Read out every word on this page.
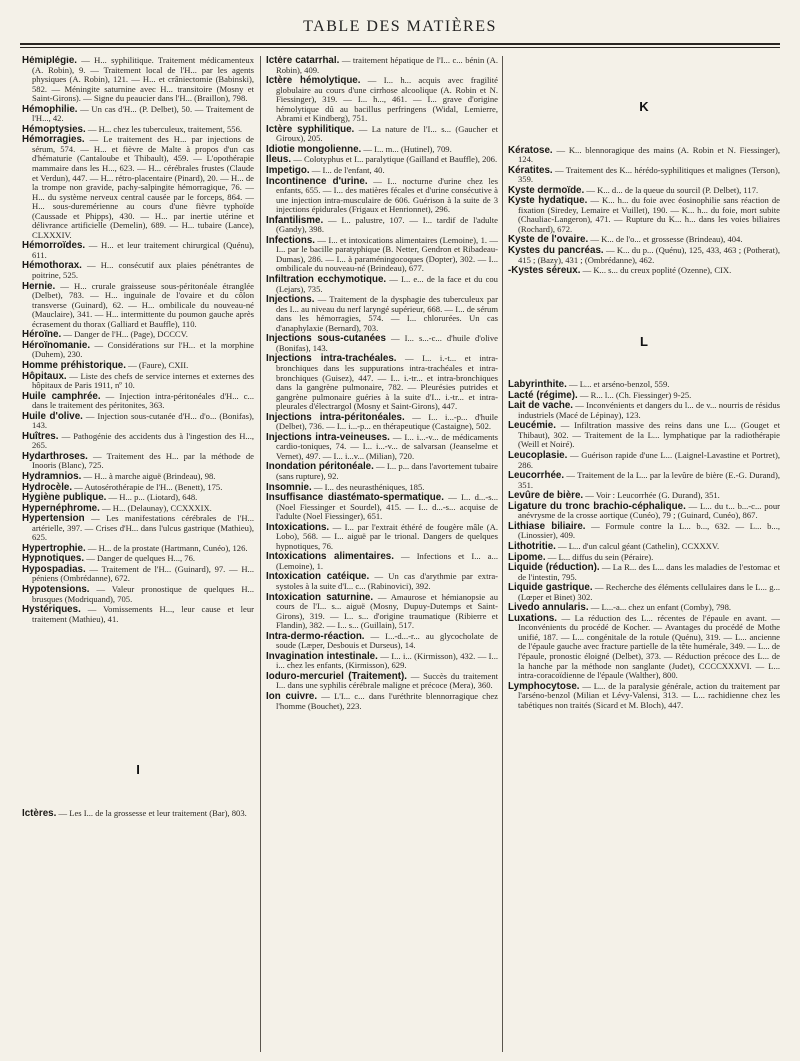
TABLE DES MATIÈRES
Hémiplégie. — H... syphilitique. Traitement médicamenteux (A. Robin), 9. — Traitement local de l'H... par les agents physiques (A. Robin), 121. — H... et crâniectomie (Babinski), 582. — Méningite saturnine avec H... transitoire (Mosny et Saint-Girons). — Signe du peaucier dans l'H... (Braillon), 798.
Hémophilie. — Un cas d'H... (P. Delbet), 50. — Traitement de l'H..., 42.
Hémoptysies. — H... chez les tuberculeux, traitement, 556.
Hémorragies. — Le traitement des H... par injections de sérum, 574. — H... et fièvre de Malte à propos d'un cas d'hématurie (Cantaloube et Thibault), 459. — L'opothérapie mammaire dans les H..., 623. — H... cérébrales frustes (Claude et Verdun), 447. — H... rétro-placentaire (Pinard), 20. — H... de la trompe non gravide, pachy-salpingite hémorragique, 76. — H... du système nerveux central causée par le forceps, 864. — H... sous-duremérienne au cours d'une fièvre typhoïde (Caussade et Phipps), 430. — H... par inertie utérine et délivrance artificielle (Demelin), 689. — H... tubaire (Lance), CLXXXIV.
Hémorroïdes. — H... et leur traitement chirurgical (Quénu), 611.
Hémothorax. — H... consécutif aux plaies pénétrantes de poitrine, 525.
Hernie. — H... crurale graisseuse sous-péritonéale étranglée (Delbet), 783. — H... inguinale de l'ovaire et du côlon transverse (Guinard), 62. — H... ombilicale du nouveau-né (Mauclaire), 341. — H... intermittente du poumon gauche après écrasement du thorax (Galliard et Bauffle), 110.
Héroïne. — Danger de l'H... (Page), DCCCV.
Héroïnomanie. — Considérations sur l'H... et la morphine (Duhem), 230.
Homme préhistorique. — (Faure), CXII.
Hôpitaux. — Liste des chefs de service internes et externes des hôpitaux de Paris 1911, nº 10.
Huile camphrée. — Injection intra-péritonéales d'H... c... dans le traitement des péritonites, 363.
Huile d'olive. — Injection sous-cutanée d'H... d'o... (Bonifas), 143.
Huîtres. — Pathogénie des accidents dus à l'ingestion des H..., 265.
Hydarthroses. — Traitement des H... par la méthode de Inooris (Blanc), 725.
Hydramnios. — H... à marche aiguë (Brindeau), 98.
Hydrocèle. — Autosérothérapie de l'H... (Benett), 175.
Hygiène publique. — H... p... (Liotard), 648.
Hypernéphrome. — H... (Delaunay), CCXXXIX.
Hypertension — Les manifestations cérébrales de l'H... artérielle, 397. — Crises d'H... dans l'ulcus gastrique (Mathieu), 625.
Hypertrophie. — H... de la prostate (Hartmann, Cunéo), 126.
Hypnotiques. — Danger de quelques H..., 76.
Hypospadias. — Traitement de l'H... (Guinard), 97. — H... péniens (Ombrédanne), 672.
Hypotensions. — Valeur pronostique de quelques H... brusques (Modriquand), 705.
Hystériques. — Vomissements H..., leur cause et leur traitement (Mathieu), 41.
I
Ictères. — Les I... de la grossesse et leur traitement (Bar), 803.
Ictère catarrhal. — traitement hépatique de l'I... c... bénin (A. Robin), 409.
Ictère hémolytique. — I... h... acquis avec fragilité globulaire au cours d'une cirrhose alcoolique (A. Robin et N. Fiessinger), 319. — I... h..., 461. — I... grave d'origine hémolytique dû au bacillus perfringens (Widal, Lemierre, Abrami et Kindberg), 751.
Ictère syphilitique. — La nature de l'I... s... (Gaucher et Giroux), 205.
Idiotie mongolienne. — I... m... (Hutinel), 709.
Ileus. — Colotyphus et I... paralytique (Gailland et Bauffle), 206.
Impetigo. — I... de l'enfant, 40.
Incontinence d'urine. — I... nocturne d'urine chez les enfants, 655. — I... des matières fécales et d'urine consécutive à une injection intra-musculaire de 606. Guérison à la suite de 3 injections épidurales (Frigaux et Henrionnet), 296.
Infantilisme. — I... palustre, 107. — I... tardif de l'adulte (Gandy), 398.
Infections. — I... et intoxications alimentaires (Lemoine), 1. — I... par le bacille paratyphique (B. Netter, Gendron et Ribadeau-Dumas), 286. — I... à paraméningocoques (Dopter), 302. — I... ombilicale du nouveau-né (Brindeau), 677.
Infiltration ecchymotique. — I... e... de la face et du cou (Lejars), 735.
Injections. — Traitement de la dysphagie des tuberculeux par des I... au niveau du nerf laryngé supérieur, 668. — I... de sérum dans les hémorragies, 574. — I... chlorurées. Un cas d'anaphylaxie (Bernard), 703.
Injections sous-cutanées — I... s...-c... d'huile d'olive (Bonifas), 143.
Injections intra-trachéales. — I... i.-t... et intra-bronchiques dans les suppurations intra-trachéales et intra-bronchiques (Guisez), 447. — I... i.-tr... et intra-bronchiques dans la gangrène pulmonaire, 782. — Pleurésies putrides et gangrène pulmonaire guéries à la suite d'I... i.-tr... et intra-pleurales d'électrargol (Mosny et Saint-Girons), 447.
Injections intra-péritonéales. — I... i...-p... d'huile (Delbet), 736. — I... i...-p... en thérapeutique (Castaigne), 502.
Injections intra-veineuses. — I... i...-v... de médicaments cardio-toniques, 74. — I... i...-v... de salvarsan (Jeanselme et Vernet), 497. — I... i...v... (Milian), 720.
Inondation péritonéale. — I... p... dans l'avortement tubaire (sans rupture), 92.
Insomnie. — I... des neurasthéniques, 185.
Insuffisance diastémato-spermatique. — I... d...-s... (Noel Fiessinger et Sourdel), 415. — I... d...-s... acquise de l'adulte (Noel Fiessinger), 651.
Intoxications. — I... par l'extrait éthéré de fougère mâle (A. Lobo), 568. — I... aiguë par le trional. Dangers de quelques hypnotiques, 76.
Intoxications alimentaires. — Infections et I... a... (Lemoine), 1.
Intoxication catéique. — Un cas d'arythmie par extra-systoles à la suite d'I... c... (Rabinovici), 392.
Intoxication saturnine. — Amaurose et hémianopsie au cours de l'I... s... aiguë (Mosny, Dupuy-Dutemps et Saint-Girons), 319. — I... s... d'origine traumatique (Ribierre et Flandin), 382. — I... s... (Guillain), 517.
Intra-dermo-réaction. — I...-d...-r... au glycocholate de soude (Læper, Desbouis et Durseus), 14.
Invagination intestinale. — I... i... (Kirmisson), 432. — I... i... chez les enfants, (Kirmisson), 629.
Ioduro-mercuriel (Traitement). — Succès du traitement I... dans une syphilis cérébrale maligne et précoce (Mera), 360.
Ion cuivre. — L'I... c... dans l'uréthrite blennorragique chez l'homme (Bouchet), 223.
K
Kératose. — K... blennoragique des mains (A. Robin et N. Fiessinger), 124.
Kératites. — Traitement des K... hérédo-syphilitiques et malignes (Terson), 359.
Kyste dermoïde. — K... d... de la queue du sourcil (P. Delbet), 117.
Kyste hydatique. — K... h... du foie avec éosinophilie sans réaction de fixation (Siredey, Lemaire et Vuillet), 190. — K... h... du foie, mort subite (Chauliac-Langeron), 471. — Rupture du K... h... dans les voies biliaires (Rochard), 672.
Kyste de l'ovaire. — K... de l'o... et grossesse (Brindeau), 404.
Kystes du pancréas. — K... du p... (Quénu), 125, 433, 463 ; (Potherat), 415 ; (Bazy), 431 ; (Ombrédanne), 462.
-Kystes séreux. — K... s... du creux poplité (Ozenne), CIX.
L
Labyrinthite. — L... et arséno-benzol, 559.
Lacté (régime). — R... l... (Ch. Fiessinger) 9-25.
Lait de vache. — Inconvénients et dangers du l... de v... nourris de résidus industriels (Macé de Lépinay), 123.
Leucémie. — Infiltration massive des reins dans une L... (Gouget et Thibaut), 302. — Traitement de la L... lymphatique par la radiothérapie (Weill et Noiré).
Leucoplasie. — Guérison rapide d'une L... (Laignel-Lavastine et Portret), 286.
Leucorrhée. — Traitement de la L... par la levûre de bière (E.-G. Durand), 351.
Levûre de bière. — Voir : Leucorrhée (G. Durand), 351.
Ligature du tronc brachio-céphalique. — L... du t... b...-c... pour anévrysme de la crosse aortique (Cunéo), 79 ; (Guinard, Cunéo), 867.
Lithiase biliaire. — Formule contre la L... b..., 632. — L... b..., (Linossier), 409.
Lithotritie. — L... d'un calcul géant (Cathelin), CCXXXV.
Lipome. — L... diffus du sein (Péraire).
Liquide (réduction). — La R... des L... dans les maladies de l'estomac et de l'intestin, 795.
Liquide gastrique. — Recherche des éléments cellulaires dans le L... g... (Lœper et Binet) 302.
Livedo annularis. — L...-a... chez un enfant (Comby), 798.
Luxations. — La réduction des L... récentes de l'épaule en avant. — Inconvénients du procédé de Kocher. — Avantages du procédé de Mothe unifié, 187. — L... congénitale de la rotule (Quénu), 319. — L... ancienne de l'épaule gauche avec fracture partielle de la tête humérale, 349. — L... de l'épaule, pronostic éloigné (Delbet), 373. — Réduction précoce des L... de la hanche par la méthode non sanglante (Judet), CCCCXXXVI. — L... intra-coracoïdienne de l'épaule (Walther), 800.
Lymphocytose. — L... de la paralysie générale, action du traitement par l'arséno-benzol (Milian et Lévy-Valensi, 313. — L... rachidienne chez les tabétiques non traités (Sicard et M. Bloch), 447.
